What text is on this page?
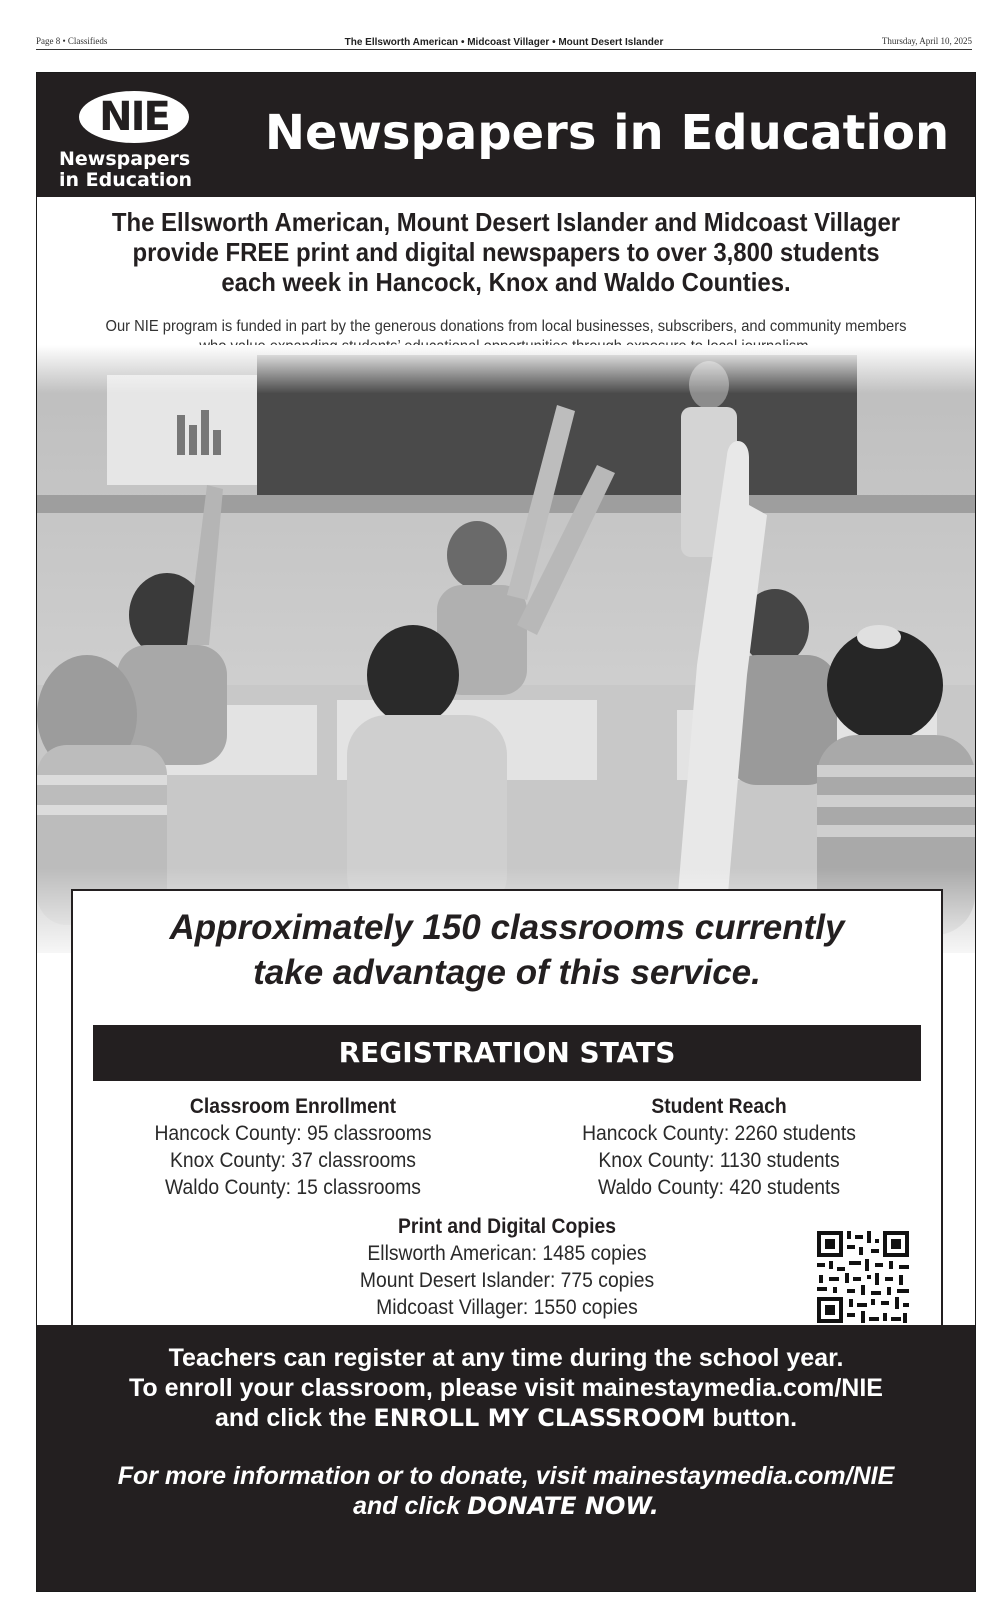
Page 8 • Classifieds	The Ellsworth American • Midcoast Villager • Mount Desert Islander	Thursday, April 10, 2025
NIE
Newspapers
in Education
Newspapers in Education
The Ellsworth American, Mount Desert Islander and Midcoast Villager
provide FREE print and digital newspapers to over 3,800 students
each week in Hancock, Knox and Waldo Counties.
Our NIE program is funded in part by the generous donations from local businesses, subscribers, and community members
Approximately 150 classrooms currently
take advantage of this service.
REGISTRATION STATS
Classroom Enrollment
Hancock County: 95 classrooms
Knox County: 37 classrooms
Waldo County: 15 classrooms
Student Reach
Hancock County: 2260 students
Knox County: 1130 students
Waldo County: 420 students
Print and Digital Copies
Ellsworth American: 1485 copies
Mount Desert Islander: 775 copies
Midcoast Villager: 1550 copies
Teachers can register at any time during the school year.
To enroll your classroom, please visit mainestaymedia.com/NIE
and click the ENROLL MY CLASSROOM button.
For more information or to donate, visit mainestaymedia.com/NIE
and click DONATE NOW.
